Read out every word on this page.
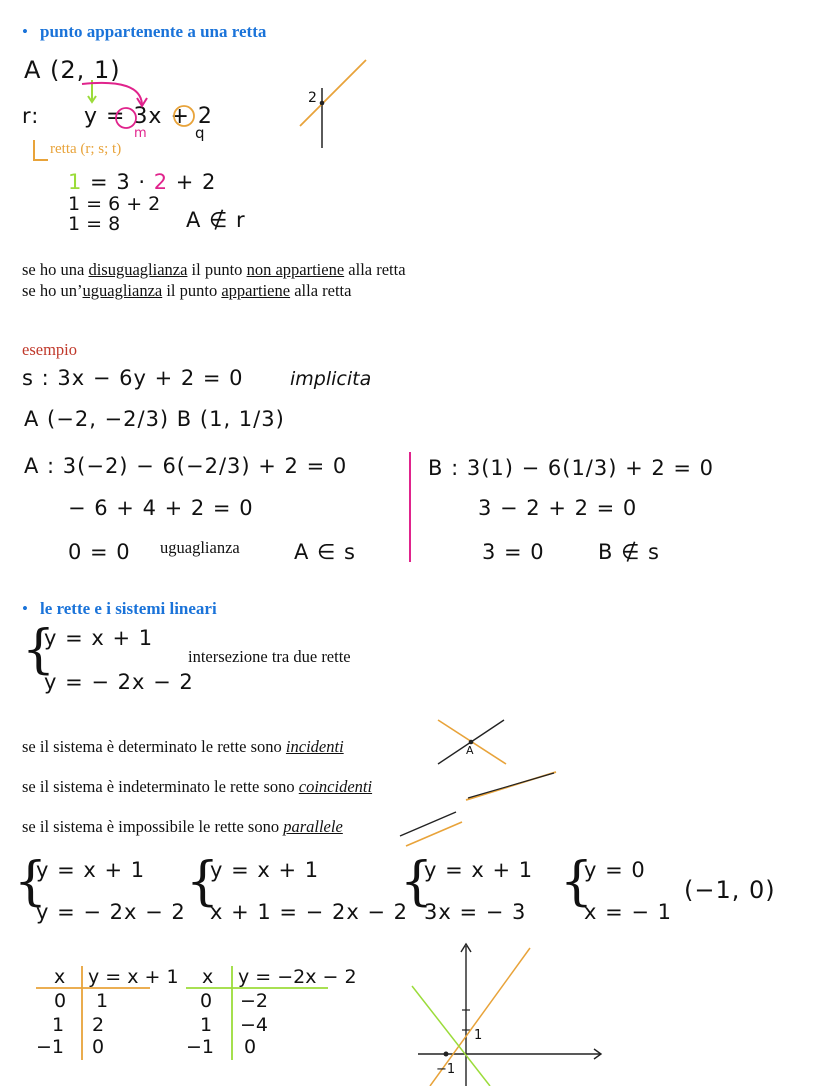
• punto appartenente a una retta
A (2, 1)
r: y = 3x + 2
m	q
2
retta (r; s; t)
1 = 3 · 2 + 2
1 = 6 + 2
1 = 8	A ∉ r
se ho una disuguaglianza il punto non appartiene alla retta
se ho un’uguaglianza il punto appartiene alla retta
esempio
s : 3x − 6y + 2 = 0 implicita
A (−2, −2/3) B (1, 1/3)
A : 3(−2) − 6(−2/3) + 2 = 0
− 6 + 4 + 2 = 0
0 = 0 uguaglianza	A ∈ s
B : 3(1) − 6(1/3) + 2 = 0
3 − 2 + 2 = 0
3 = 0	B ∉ s
• le rette e i sistemi lineari
{
y = x + 1
y = − 2x − 2
intersezione tra due rette
se il sistema è determinato le rette sono incidenti	A
se il sistema è indeterminato le rette sono coincidenti
se il sistema è impossibile le rette sono parallele
{
y = x + 1
y = − 2x − 2 {
y = x + 1
x + 1 = − 2x − 2
{
y = x + 1
3x = − 3 {
y = 0
x = − 1
(−1, 0)
x y = x + 1
0 1
1 2
−1 0
x y = −2x − 2
0 −2
1 −4
−1 0
1
−1
